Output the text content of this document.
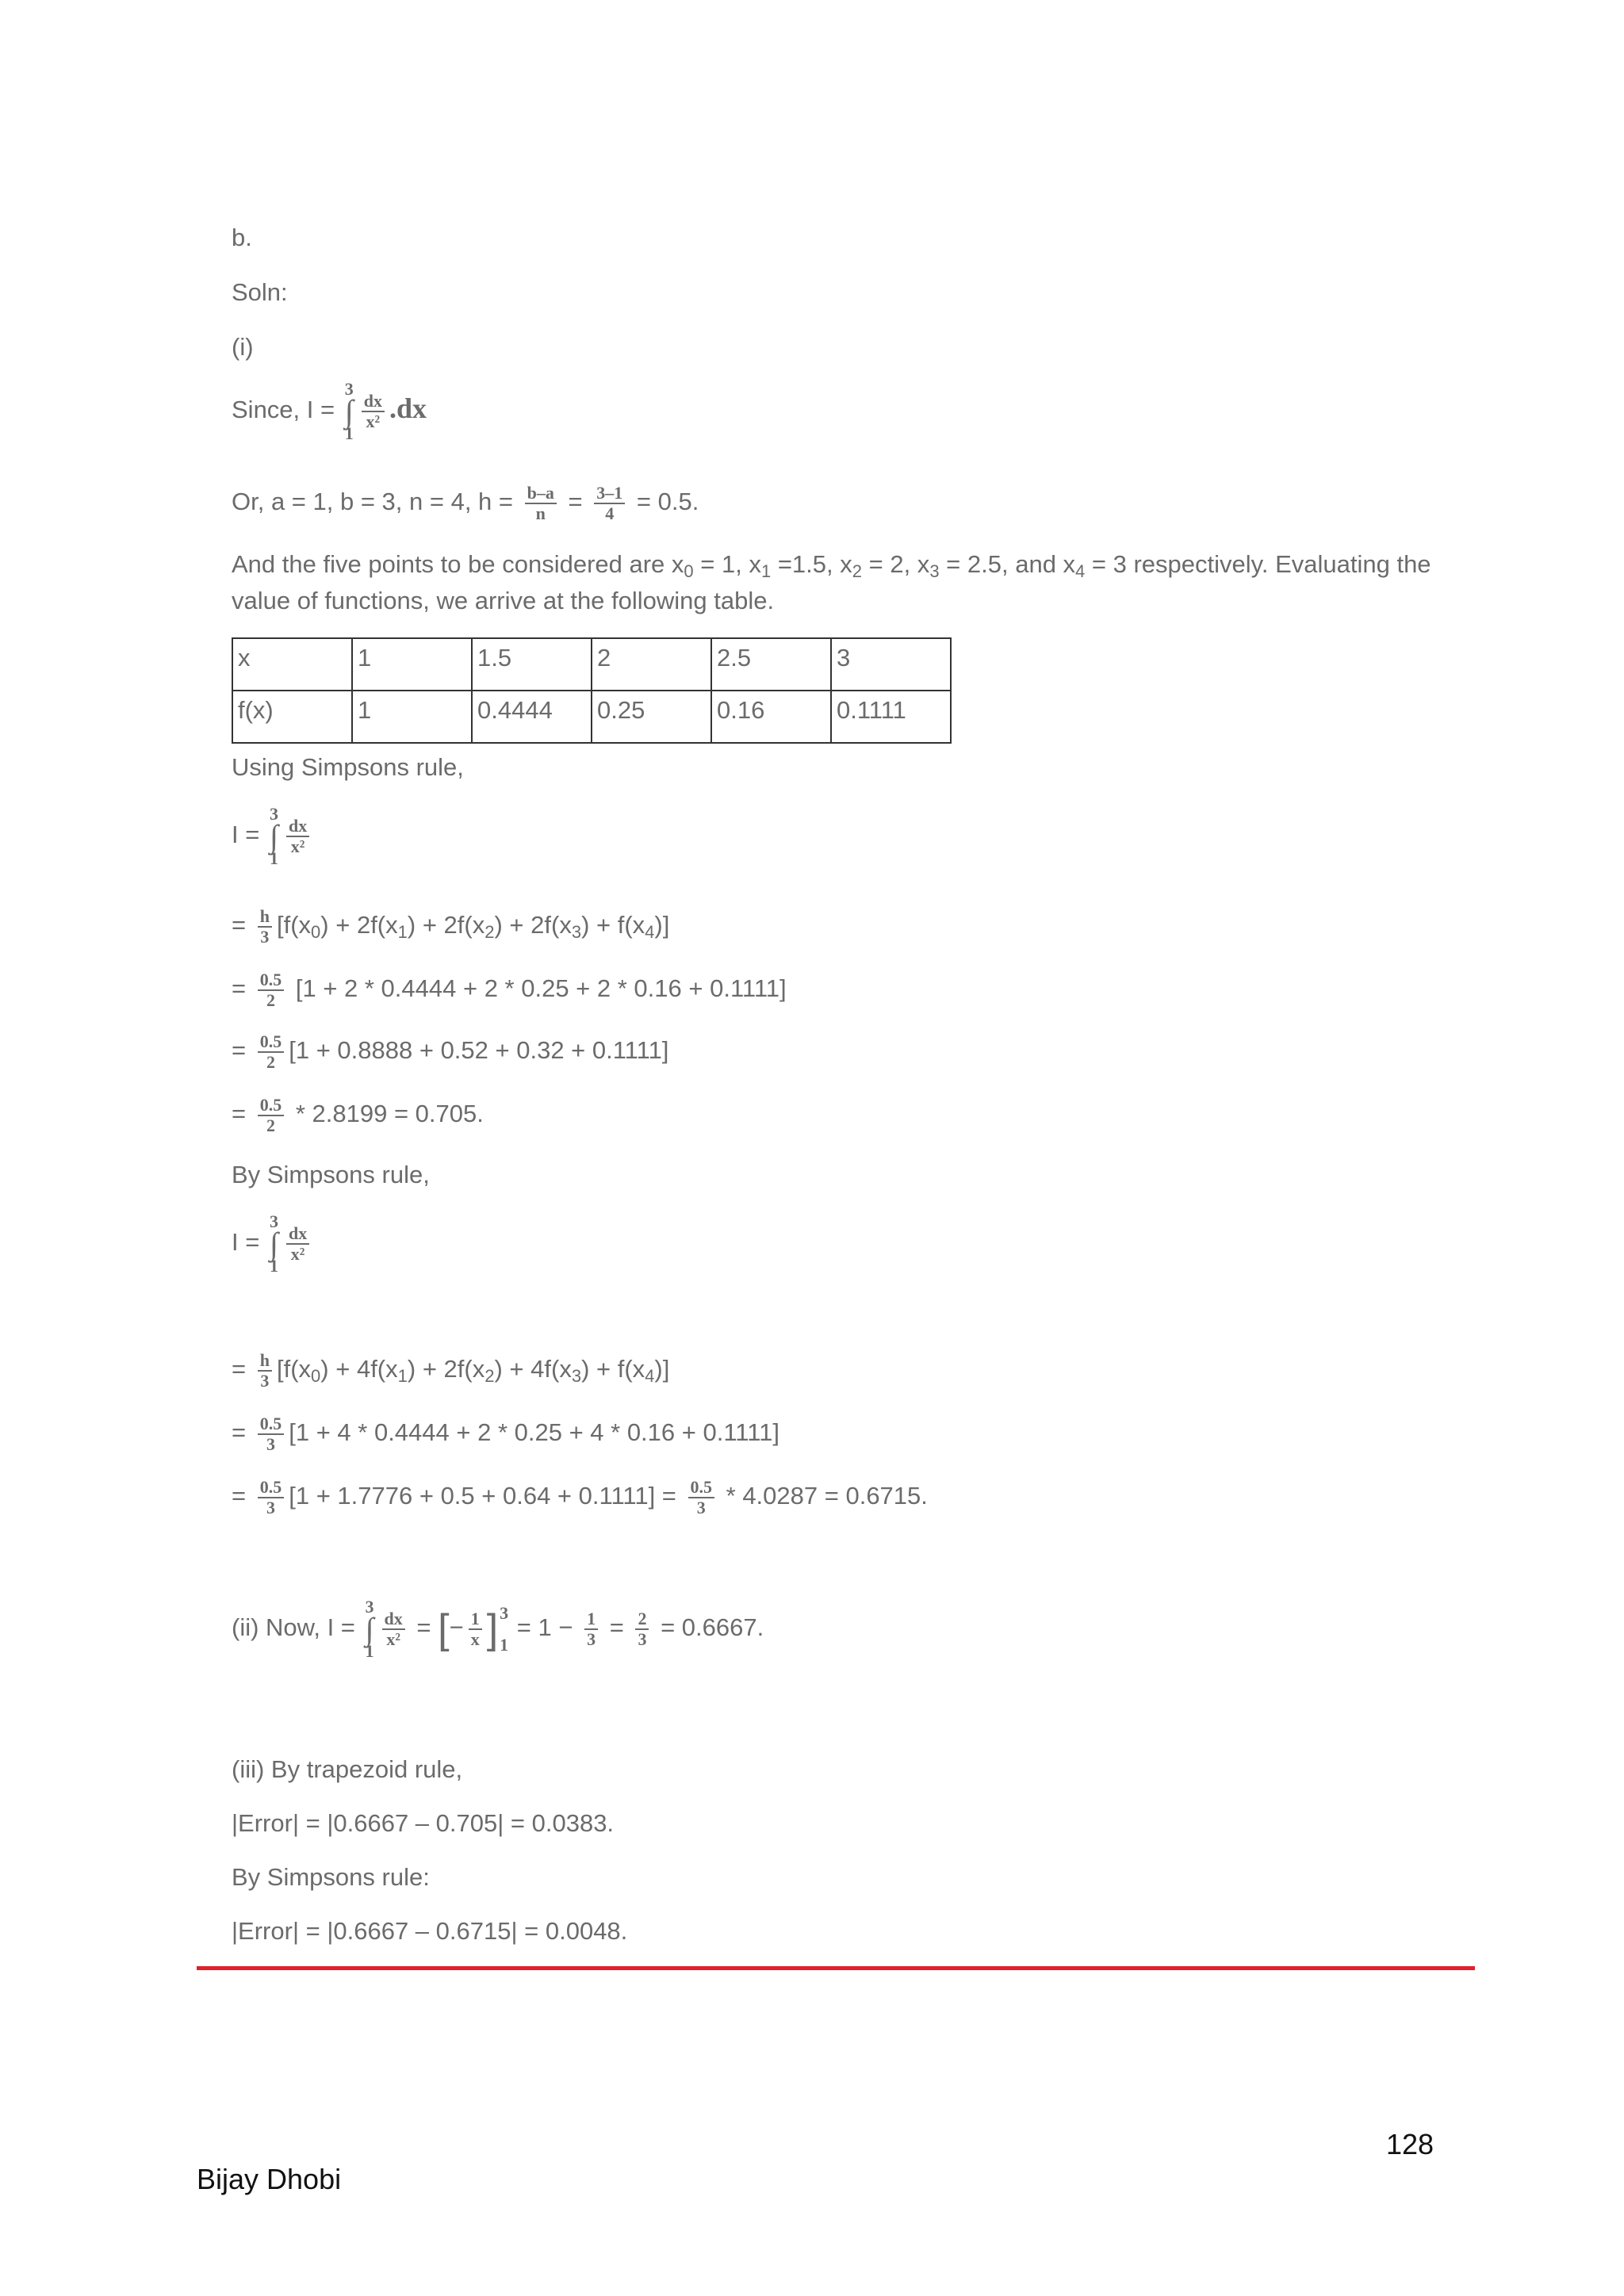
b.
Soln:
(i)
Since, I =
3
∫
1
$\frac{dx}{\text{x²}} .dx$
Or, a = 1, b = 3, n = 4, $h = \frac{b-a}{n} = \frac{3-1}{4} = 0.5$.
And the five points to be considered are $x_0 = 1$, $x_1 =1.5$, $x_2 = 2$, $x_3 = 2.5$, and $x_4 = 3$ respectively. Evaluating the
value of functions, we arrive at the following table.
x	1	1.5	2	2.5	3
f(x)	1	0.4444	0.25	0.16	0.1111
Using Simpsons rule,
I =
3
∫
1
$\frac{dx}{\text{x²}}$
= $\frac{h}{3} [f(x_0) + 2f(x_1) + 2f(x_2) + 2f(x_3) + f(x_4)]$
= $\frac{0.5}{2} [1 + 2 * 0.4444 + 2 * 0.25 + 2 * 0.16 + 0.1111]$
= $\frac{0.5}{2} [1 + 0.8888 + 0.52 + 0.32 + 0.1111]$
= $\frac{0.5}{2} * 2.8199 = 0.705$.
By Simpsons rule,
I =
3
∫
1
$\frac{dx}{\text{x²}}$
= $\frac{h}{3} [f(x_0) + 4f(x_1) + 2f(x_2) + 4f(x_3) + f(x_4)]$
= $\frac{0.5}{3} [1 + 4 * 0.4444 + 2 * 0.25 + 4 * 0.16 + 0.1111]$
= $\frac{0.5}{3} [1 + 1.7776 + 0.5 + 0.64 + 0.1111] = \frac{0.5}{3} * 4.0287 = 0.6715$.
(ii) Now, I =
3
∫
1
$\frac{dx}{\text{x²}}$ = [− $\frac{1}{x}$ ] 3
1
= $1 - \frac{1}{3} = \frac{2}{3} = 0.6667$.
(iii) By trapezoid rule,
|Error| = |0.6667 – 0.705| = 0.0383.
By Simpsons rule:
|Error| = |0.6667 – 0.6715| = 0.0048.
128
Bijay Dhobi
